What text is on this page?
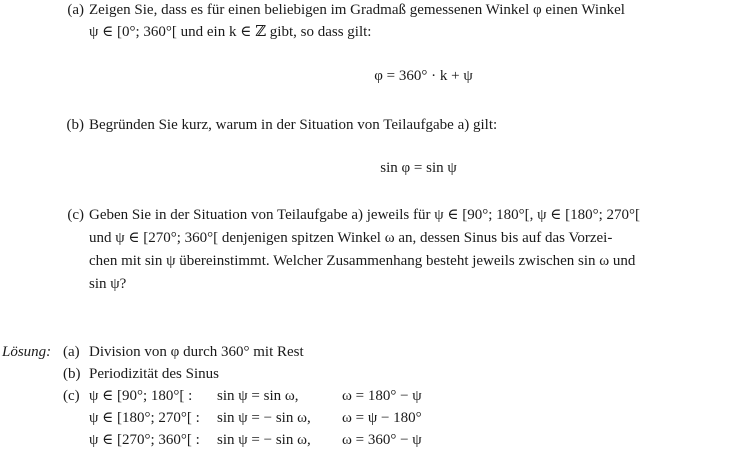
(a) Zeigen Sie, dass es für einen beliebigen im Gradmaß gemessenen Winkel φ einen Winkel
ψ ∈ [0°; 360°[ und ein k ∈ ℤ gibt, so dass gilt:
φ = 360° · k + ψ
(b) Begründen Sie kurz, warum in der Situation von Teilaufgabe a) gilt:
sin φ = sin ψ
(c) Geben Sie in der Situation von Teilaufgabe a) jeweils für ψ ∈ [90°; 180°[, ψ ∈ [180°; 270°[
und ψ ∈ [270°; 360°[ denjenigen spitzen Winkel ω an, dessen Sinus bis auf das Vorzei-
chen mit sin ψ übereinstimmt. Welcher Zusammenhang besteht jeweils zwischen sin ω und
sin ψ?
Lösung: (a) Division von φ durch 360° mit Rest
(b) Periodizität des Sinus
(c) ψ ∈ [90°; 180°[ : sin ψ = sin ω,	ω = 180° − ψ
ψ ∈ [180°; 270°[ : sin ψ = − sin ω, ω = ψ − 180°
ψ ∈ [270°; 360°[ : sin ψ = − sin ω, ω = 360° − ψ
